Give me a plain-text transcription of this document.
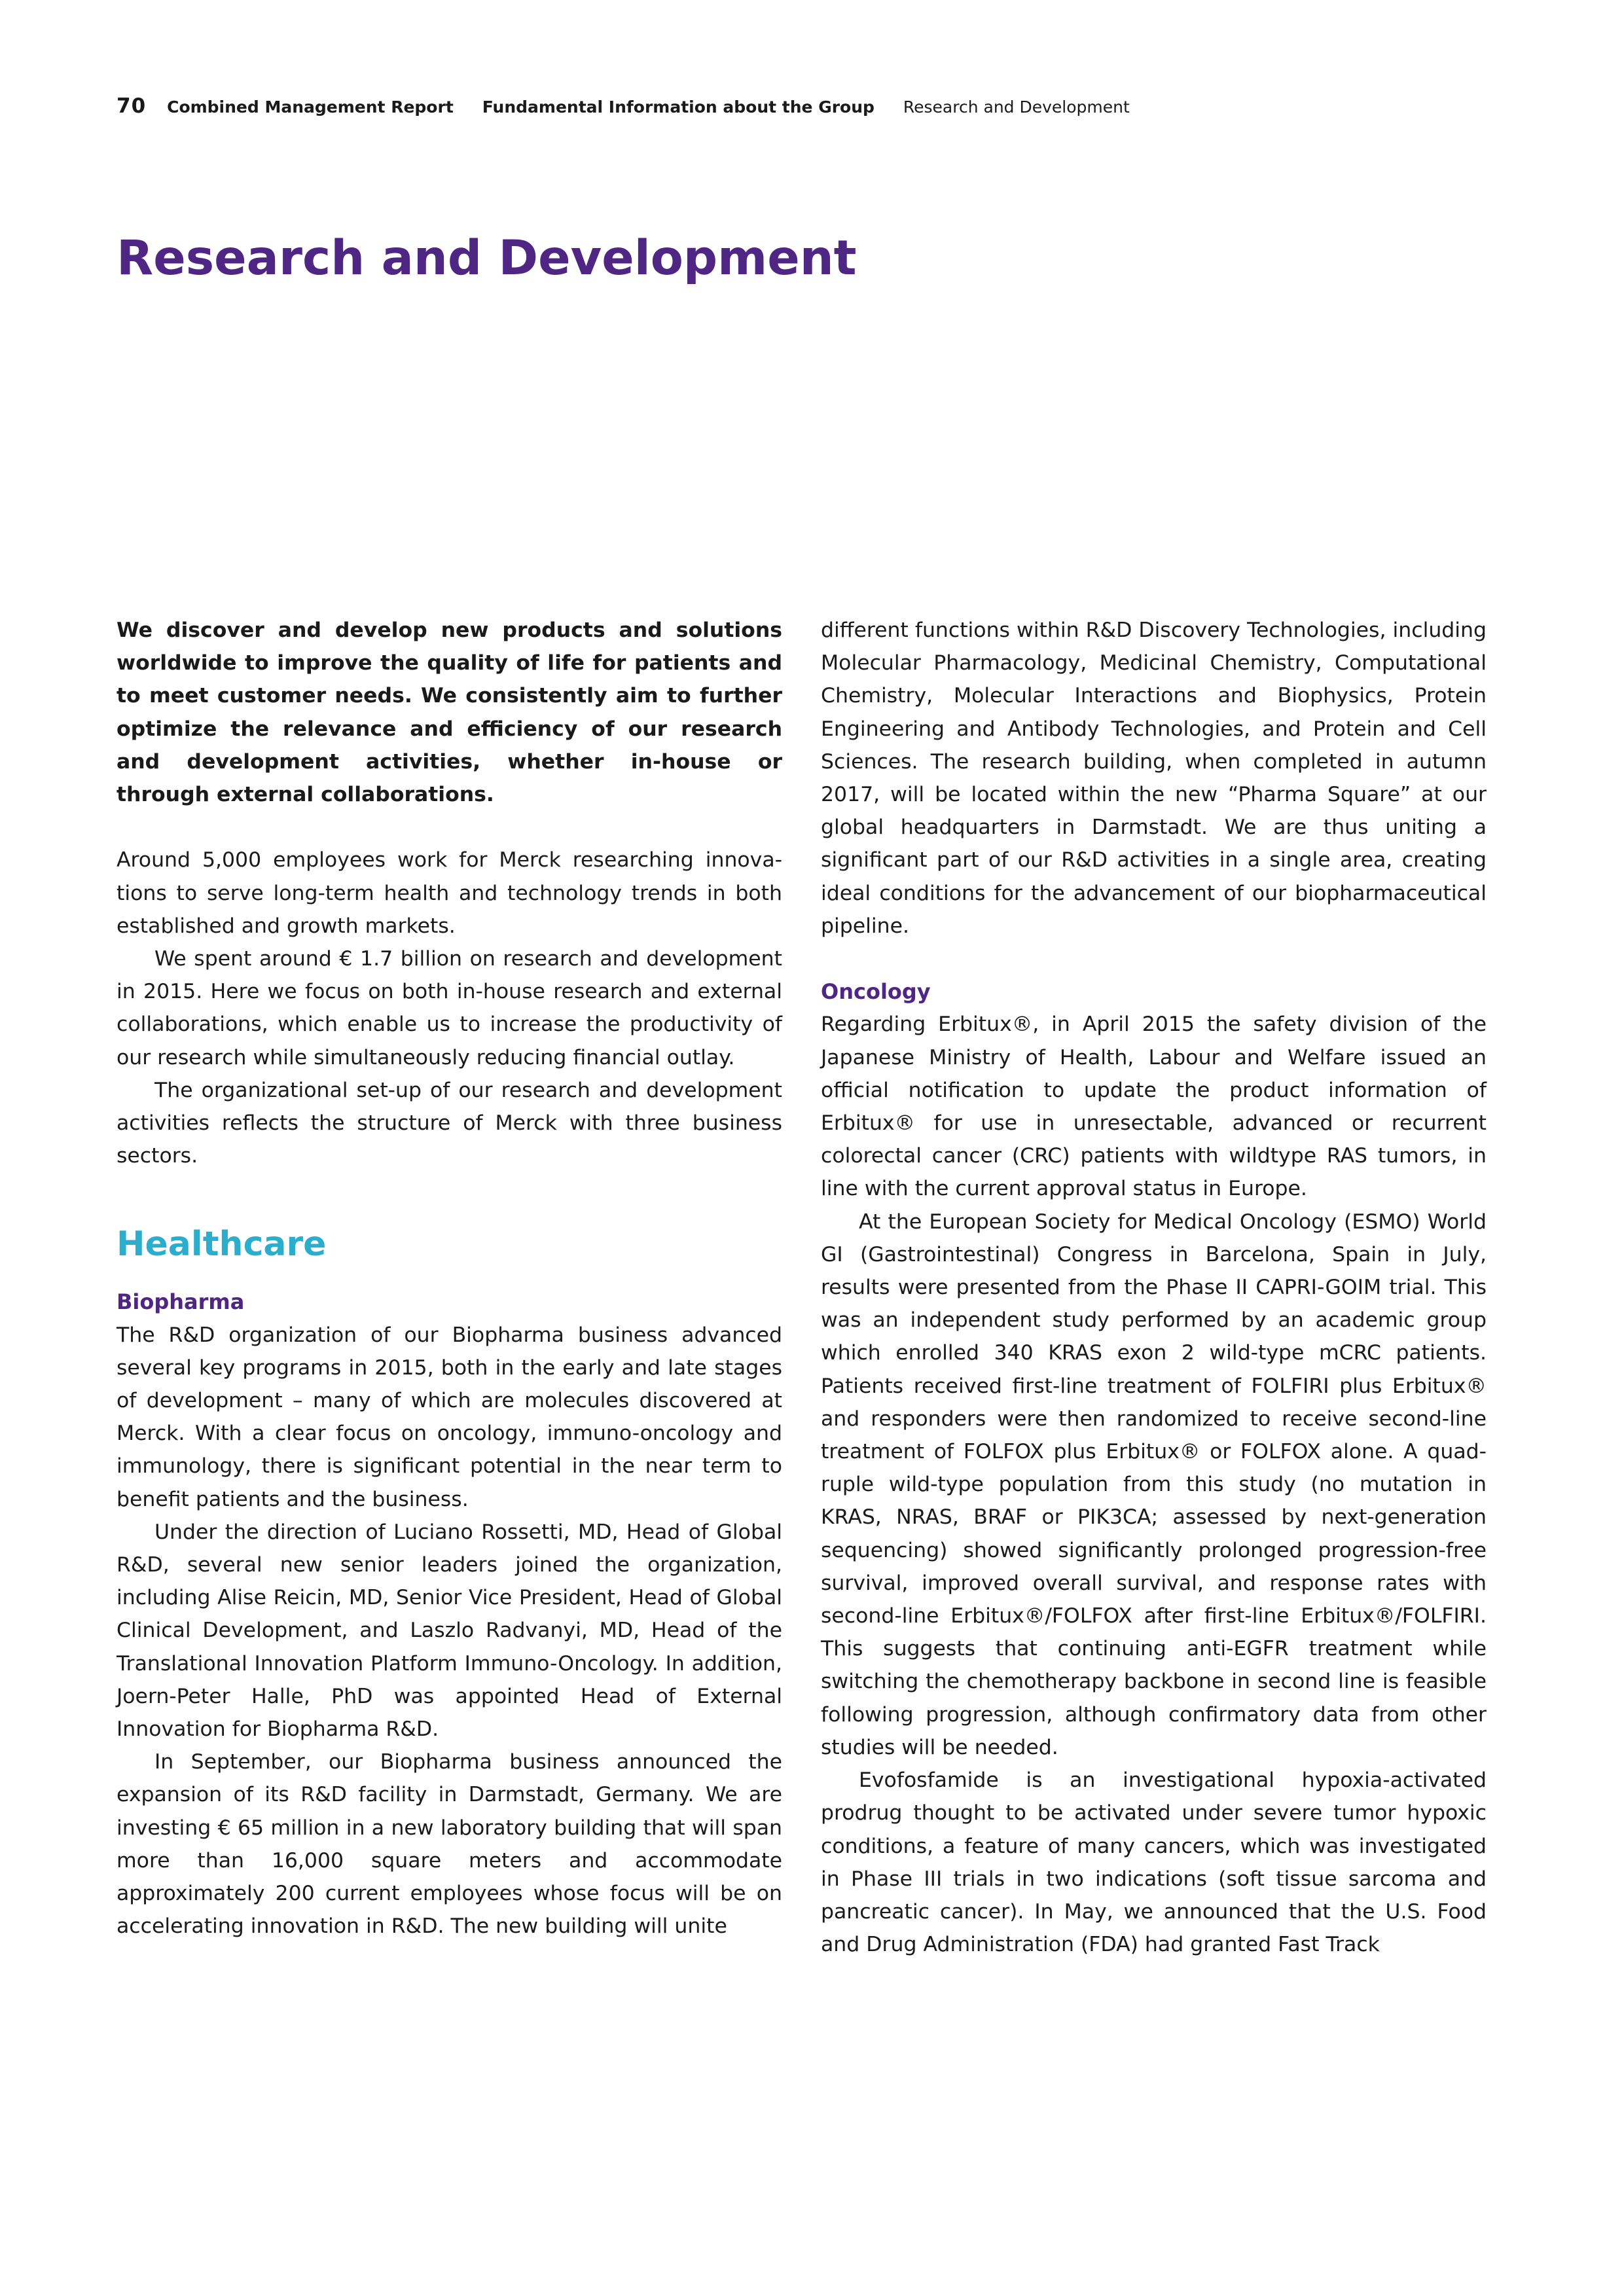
70 Combined Management Report Fundamental Information about the Group Research and Development
Research and Development

We discover and develop new products and solutions worldwide to improve the quality of life for patients and to meet customer needs. We consistently aim to further optimize the relevance and efficiency of our research and development activities, whether in-house or through external collaborations.

Around 5,000 employees work for Merck researching innovations to serve long-term health and technology trends in both established and growth markets.

We spent around € 1.7 billion on research and development in 2015. Here we focus on both in-house research and external collaborations, which enable us to increase the productivity of our research while simultaneously reducing financial outlay.

The organizational set-up of our research and development activities reflects the structure of Merck with three business sectors.

Healthcare
Biopharma

The R&D organization of our Biopharma business advanced several key programs in 2015, both in the early and late stages of development – many of which are molecules discovered at Merck. With a clear focus on oncology, immuno-oncology and immunology, there is significant potential in the near term to benefit patients and the business.

Under the direction of Luciano Rossetti, MD, Head of Global R&D, several new senior leaders joined the organization, including Alise Reicin, MD, Senior Vice President, Head of Global Clinical Development, and Laszlo Radvanyi, MD, Head of the Translational Innovation Platform Immuno-Oncology. In addition, Joern-Peter Halle, PhD was appointed Head of External Innovation for Biopharma R&D.

In September, our Biopharma business announced the expansion of its R&D facility in Darmstadt, Germany. We are investing € 65 million in a new laboratory building that will span more than 16,000 square meters and accommodate approximately 200 current employees whose focus will be on accelerating innovation in R&D. The new building will unite

different functions within R&D Discovery Technologies, including Molecular Pharmacology, Medicinal Chemistry, Computational Chemistry, Molecular Interactions and Biophysics, Protein Engineering and Antibody Technologies, and Protein and Cell Sciences. The research building, when completed in autumn 2017, will be located within the new “Pharma Square” at our global headquarters in Darmstadt. We are thus uniting a significant part of our R&D activities in a single area, creating ideal conditions for the advancement of our biopharmaceutical pipeline.

Oncology

Regarding Erbitux®, in April 2015 the safety division of the Japanese Ministry of Health, Labour and Welfare issued an official notification to update the product information of Erbitux® for use in unresectable, advanced or recurrent colorectal cancer (CRC) patients with wildtype RAS tumors, in line with the current approval status in Europe.

At the European Society for Medical Oncology (ESMO) World GI (Gastrointestinal) Congress in Barcelona, Spain in July, results were presented from the Phase II CAPRI-GOIM trial. This was an independent study performed by an academic group which enrolled 340 KRAS exon 2 wild-type mCRC patients. Patients received first-line treatment of FOLFIRI plus Erbitux® and responders were then randomized to receive second-line treatment of FOLFOX plus Erbitux® or FOLFOX alone. A quadruple wild-type population from this study (no mutation in KRAS, NRAS, BRAF or PIK3CA; assessed by next-generation sequencing) showed significantly prolonged progression-free survival, improved overall survival, and response rates with second-line Erbitux®/FOLFOX after first-line Erbitux®/FOLFIRI. This suggests that continuing anti-EGFR treatment while switching the chemotherapy backbone in second line is feasible following progression, although confirmatory data from other studies will be needed.

Evofosfamide is an investigational hypoxia-activated prodrug thought to be activated under severe tumor hypoxic conditions, a feature of many cancers, which was investigated in Phase III trials in two indications (soft tissue sarcoma and pancreatic cancer). In May, we announced that the U.S. Food and Drug Administration (FDA) had granted Fast Track
